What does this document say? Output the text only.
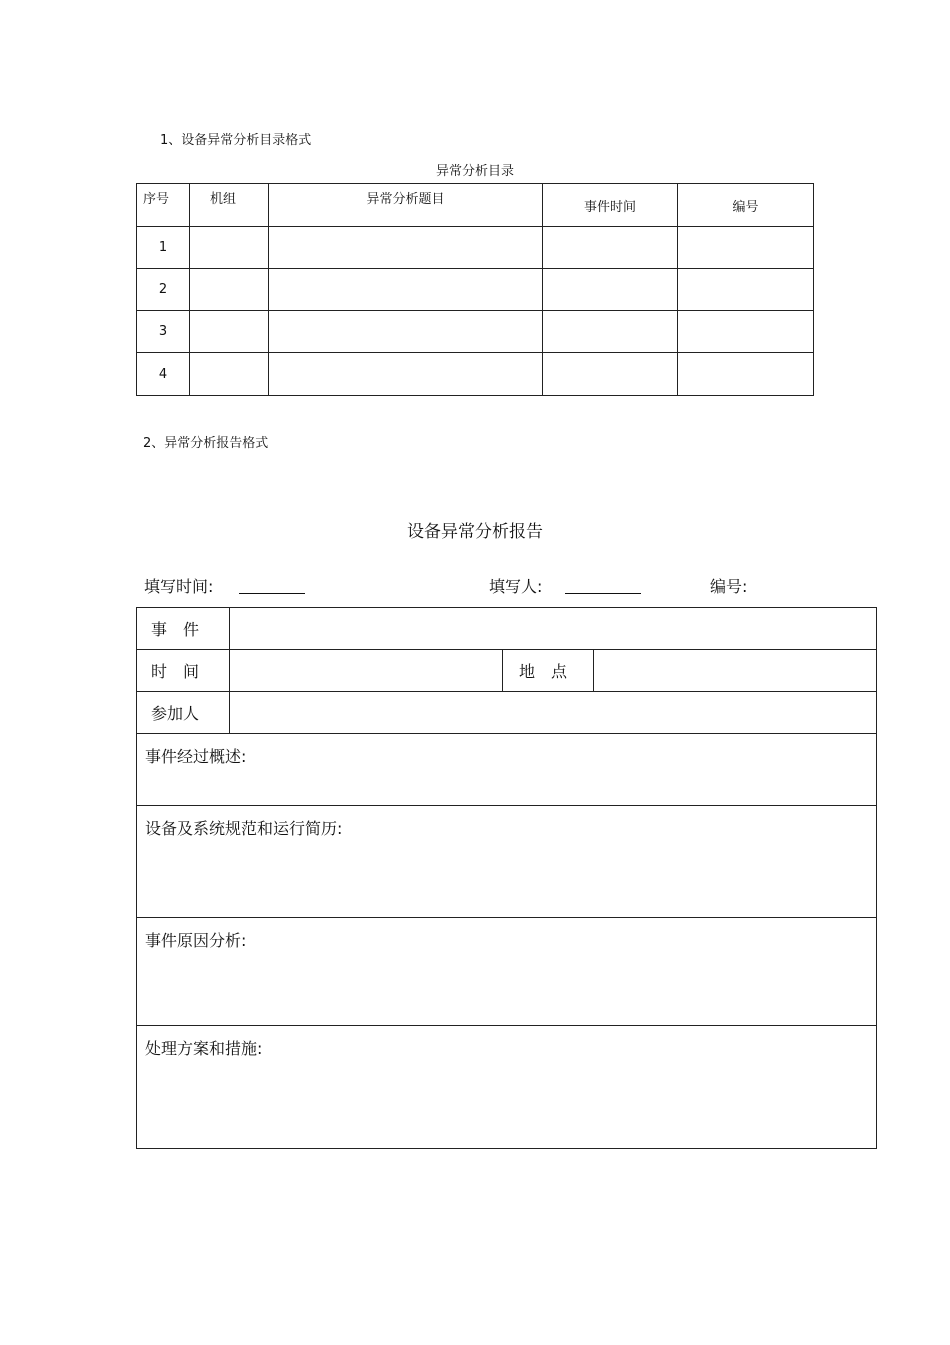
1、设备异常分析目录格式
异常分析目录
序号	机组	异常分析题目	事件时间	编号
1				
2				
3				
4				
2、异常分析报告格式
设备异常分析报告
填写时间:	填写人:	编号:
事　件			
时　间		地　点	
参加人			
事件经过概述:			
设备及系统规范和运行简历:			
事件原因分析:			
处理方案和措施:			
